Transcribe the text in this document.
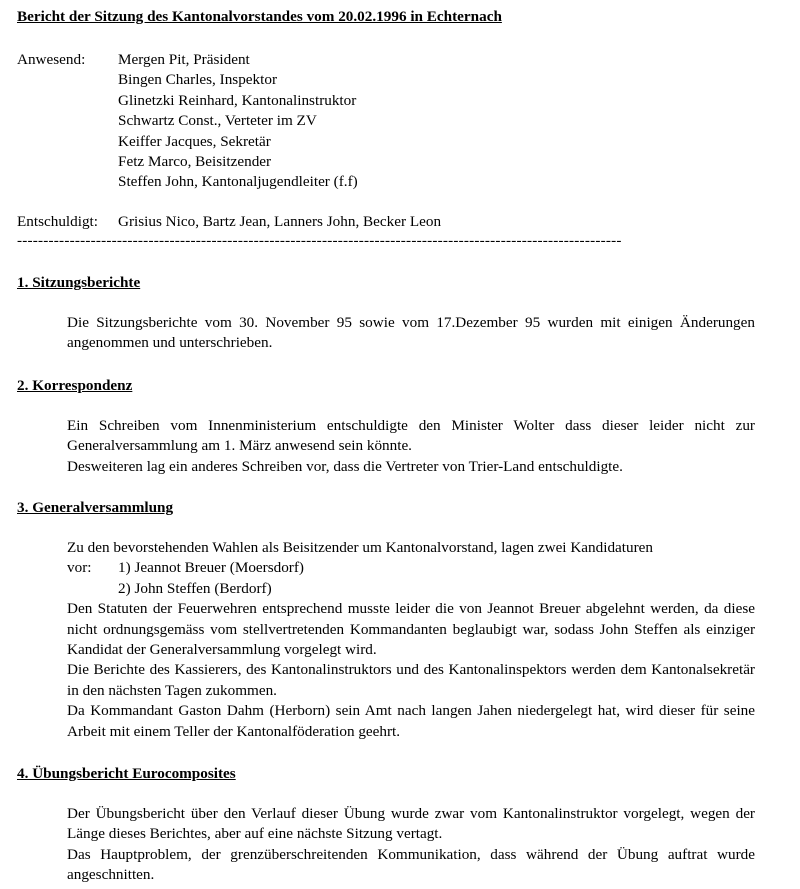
Bericht der Sitzung des Kantonalvorstandes vom 20.02.1996 in Echternach
Anwesend: Mergen Pit, Präsident
Bingen Charles, Inspektor
Glinetzki Reinhard, Kantonalinstruktor
Schwartz Const., Verteter im ZV
Keiffer Jacques, Sekretär
Fetz Marco, Beisitzender
Steffen John, Kantonaljugendleiter (f.f)
Entschuldigt: Grisius Nico, Bartz Jean, Lanners John, Becker Leon
-------------------------------------------------------------------------------------------------------------------
1. Sitzungsberichte

Die Sitzungsberichte vom 30. November 95 sowie vom 17.Dezember 95 wurden mit einigen Änderungen angenommen und unterschrieben.

2. Korrespondenz

Ein Schreiben vom Innenministerium entschuldigte den Minister Wolter dass dieser leider nicht zur Generalversammlung am 1. März anwesend sein könnte.

Desweiteren lag ein anderes Schreiben vor, dass die Vertreter von Trier-Land entschuldigte.

3. Generalversammlung

Zu den bevorstehenden Wahlen als Beisitzender um Kantonalvorstand, lagen zwei Kandidaturen

vor: 1) Jeannot Breuer (Moersdorf)
2) John Steffen (Berdorf)

Den Statuten der Feuerwehren entsprechend musste leider die von Jeannot Breuer abgelehnt werden, da diese nicht ordnungsgemäss vom stellvertretenden Kommandanten beglaubigt war, sodass John Steffen als einziger Kandidat der Generalversammlung vorgelegt wird.

Die Berichte des Kassierers, des Kantonalinstruktors und des Kantonalinspektors werden dem Kantonalsekretär in den nächsten Tagen zukommen.

Da Kommandant Gaston Dahm (Herborn) sein Amt nach langen Jahen niedergelegt hat, wird dieser für seine Arbeit mit einem Teller der Kantonalföderation geehrt.

4. Übungsbericht Eurocomposites

Der Übungsbericht über den Verlauf dieser Übung wurde zwar vom Kantonalinstruktor vorgelegt, wegen der Länge dieses Berichtes, aber auf eine nächste Sitzung vertagt.

Das Hauptproblem, der grenzüberschreitenden Kommunikation, dass während der Übung auftrat wurde angeschnitten.
